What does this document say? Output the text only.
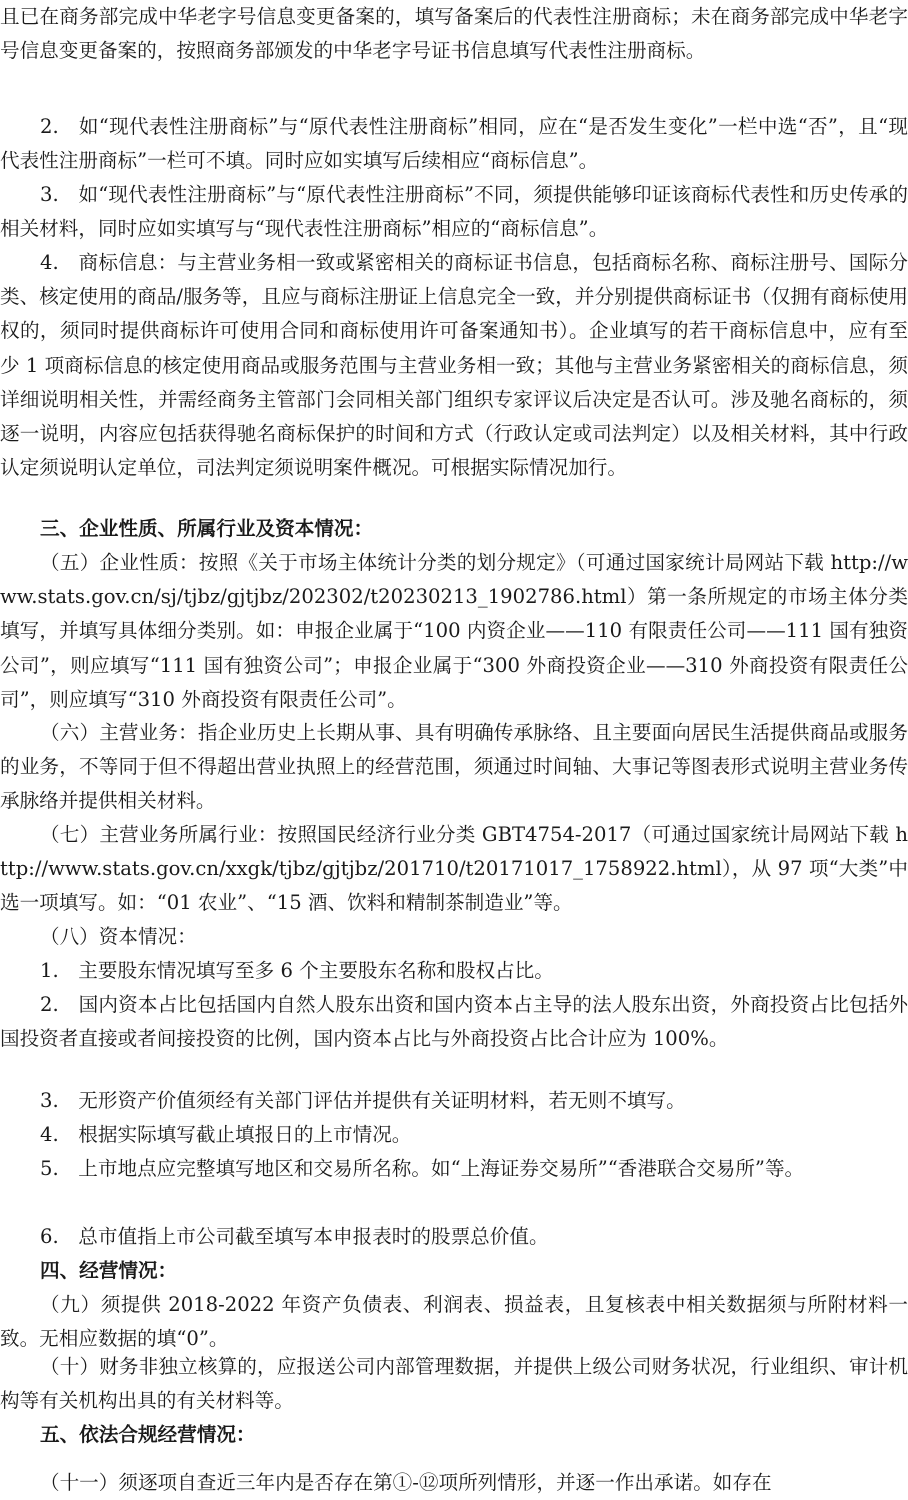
且已在商务部完成中华老字号信息变更备案的，填写备案后的代表性注册商标；未在商务部完成中华老字号信息变更备案的，按照商务部颁发的中华老字号证书信息填写代表性注册商标。

2.　如“现代表性注册商标”与“原代表性注册商标”相同，应在“是否发生变化”一栏中选“否”，且“现代表性注册商标”一栏可不填。同时应如实填写后续相应“商标信息”。

3.　如“现代表性注册商标”与“原代表性注册商标”不同，须提供能够印证该商标代表性和历史传承的相关材料，同时应如实填写与“现代表性注册商标”相应的“商标信息”。

4.　商标信息：与主营业务相一致或紧密相关的商标证书信息，包括商标名称、商标注册号、国际分类、核定使用的商品/服务等，且应与商标注册证上信息完全一致，并分别提供商标证书（仅拥有商标使用权的，须同时提供商标许可使用合同和商标使用许可备案通知书）。企业填写的若干商标信息中，应有至少 1 项商标信息的核定使用商品或服务范围与主营业务相一致；其他与主营业务紧密相关的商标信息，须详细说明相关性，并需经商务主管部门会同相关部门组织专家评议后决定是否认可。涉及驰名商标的，须逐一说明，内容应包括获得驰名商标保护的时间和方式（行政认定或司法判定）以及相关材料，其中行政认定须说明认定单位，司法判定须说明案件概况。可根据实际情况加行。

三、企业性质、所属行业及资本情况：

（五）企业性质：按照《关于市场主体统计分类的划分规定》（可通过国家统计局网站下载 http://www.stats.gov.cn/sj/tjbz/gjtjbz/202302/t20230213_1902786.html）第一条所规定的市场主体分类填写，并填写具体细分类别。如：申报企业属于“100 内资企业——110 有限责任公司——111 国有独资公司”，则应填写“111 国有独资公司”；申报企业属于“300 外商投资企业——310 外商投资有限责任公司”，则应填写“310 外商投资有限责任公司”。

（六）主营业务：指企业历史上长期从事、具有明确传承脉络、且主要面向居民生活提供商品或服务的业务，不等同于但不得超出营业执照上的经营范围，须通过时间轴、大事记等图表形式说明主营业务传承脉络并提供相关材料。

（七）主营业务所属行业：按照国民经济行业分类 GBT4754-2017（可通过国家统计局网站下载 http://www.stats.gov.cn/xxgk/tjbz/gjtjbz/201710/t20171017_1758922.html），从 97 项“大类”中选一项填写。如：“01 农业”、“15 酒、饮料和精制茶制造业”等。

（八）资本情况：

1.　主要股东情况填写至多 6 个主要股东名称和股权占比。

2.　国内资本占比包括国内自然人股东出资和国内资本占主导的法人股东出资，外商投资占比包括外国投资者直接或者间接投资的比例，国内资本占比与外商投资占比合计应为 100%。

3.　无形资产价值须经有关部门评估并提供有关证明材料，若无则不填写。

4.　根据实际填写截止填报日的上市情况。

5.　上市地点应完整填写地区和交易所名称。如“上海证券交易所”“香港联合交易所”等。

6.　总市值指上市公司截至填写本申报表时的股票总价值。

四、经营情况：

（九）须提供 2018-2022 年资产负债表、利润表、损益表，且复核表中相关数据须与所附材料一致。无相应数据的填“0”。

（十）财务非独立核算的，应报送公司内部管理数据，并提供上级公司财务状况，行业组织、审计机构等有关机构出具的有关材料等。

五、依法合规经营情况：

（十一）须逐项自查近三年内是否存在第①-⑫项所列情形，并逐一作出承诺。如存在
